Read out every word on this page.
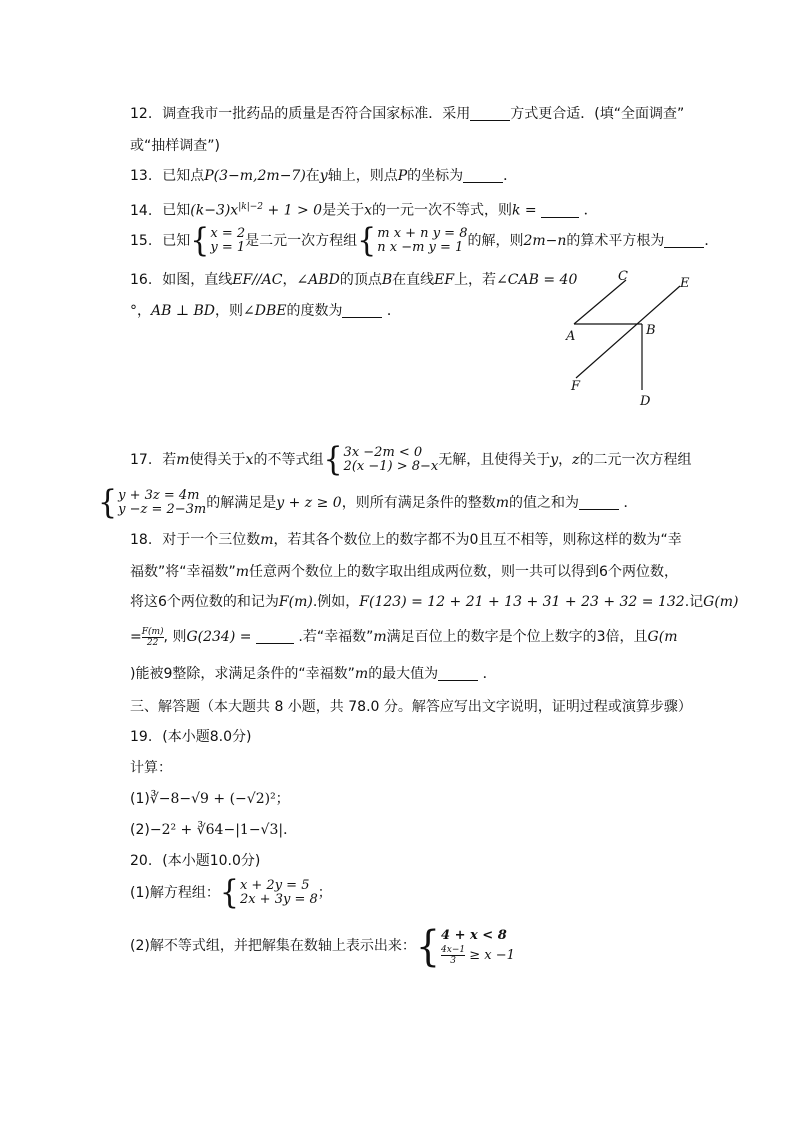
12. 调查我市一批药品的质量是否符合国家标准．采用	方式更合适．(填“全面调查”
或“抽样调查”)
13. 已知点P(3−m,2m−7)在y轴上，则点P的坐标为	．
14. 已知$(k-3)x^{|k|-2} + 1 > 0$是关于x的一元一次不等式，则k =	．
15. 已知 { x = 2
y = 1 是二元一次方程组 { m x + n y = 8
n x −m y = 1 的解，则2m−n的算术平方根为	．
16. 如图，直线EF//AC，∠ABD的顶点B在直线EF上，若∠CAB = 40
°，AB ⊥ BD，则∠DBE的度数为	．
C	E
A	B
F
D
17. 若m使得关于x的不等式组 { 3x −2m < 0
2(x −1) > 8−x 无解，且使得关于y，z的二元一次方程组
{ y + 3z = 4m
y −z = 2−3m 的解满足是y + z ≥ 0，则所有满足条件的整数m的值之和为	．
18. 对于一个三位数m，若其各个数位上的数字都不为0且互不相等，则称这样的数为“幸
福数”将“幸福数”m任意两个数位上的数字取出组成两位数，则一共可以得到6个两位数，
将这6个两位数的和记为F(m).例如，F(123) = 12 + 21 + 13 + 31 + 23 + 32 = 132.记G(m)
= $\frac{F(m)}{22}$ , 则G(234) =	.若“幸福数”m满足百位上的数字是个位上数字的3倍，且G(m
)能被9整除，求满足条件的“幸福数”m的最大值为	．
三、解答题（本大题共 8 小题，共 78.0 分。解答应写出文字说明，证明过程或演算步骤）
19. (本小题8.0分)
计算：
(1)∛−8−√9 + (−√2)²；
(2)−2² + ∛64−|1−√3|．
20. (本小题10.0分)
(1)解方程组： { x + 2y = 5
2x + 3y = 8 ；
(2)解不等式组，并把解集在数轴上表示出来： { 4 + x < 8
$\frac{4x-1}{3} \ge x -1$
